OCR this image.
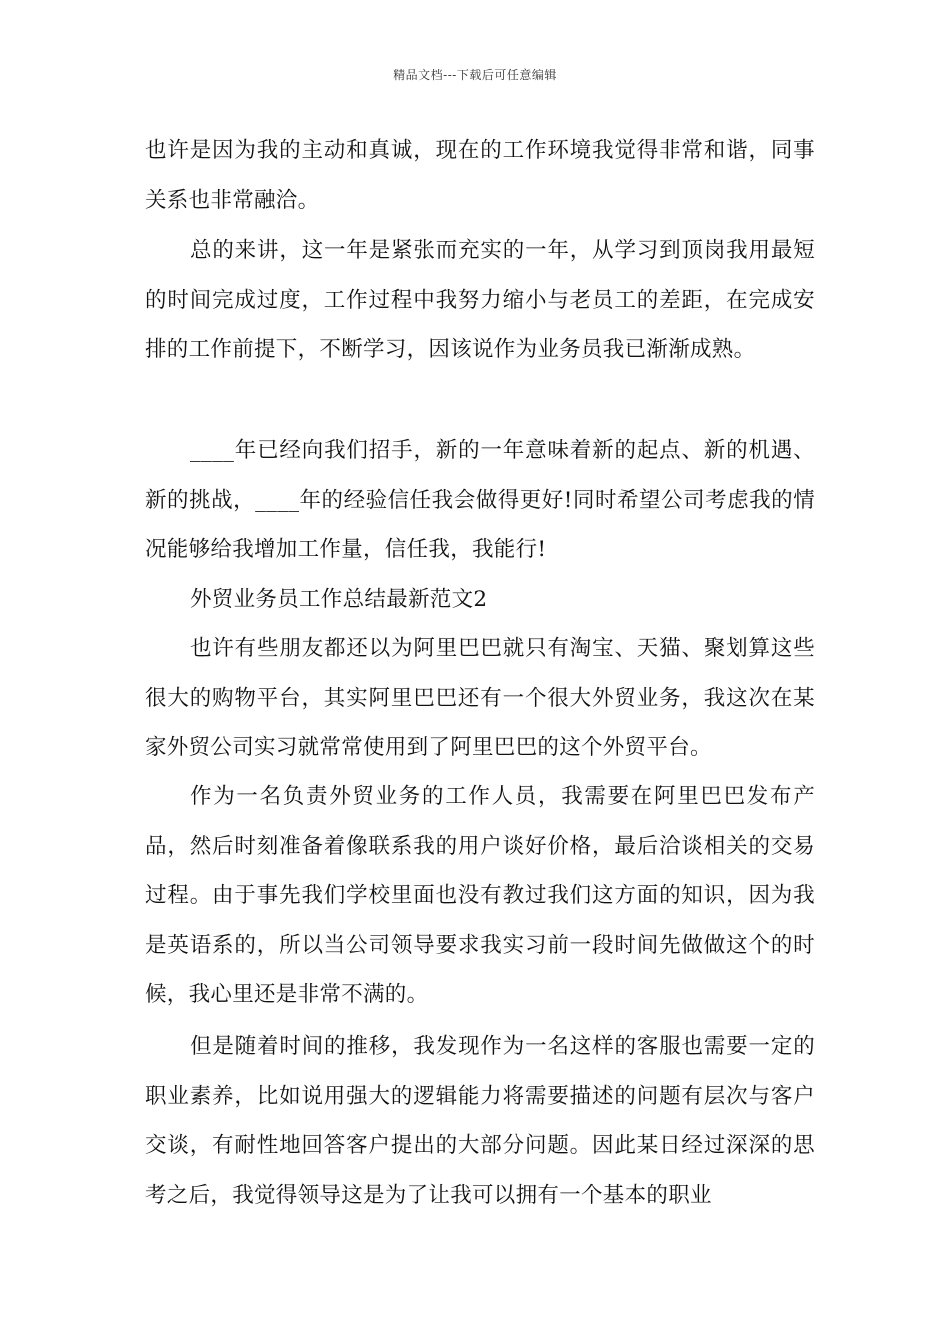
精品文档---下载后可任意编辑

也许是因为我的主动和真诚，现在的工作环境我觉得非常和谐，同事关系也非常融洽。

总的来讲，这一年是紧张而充实的一年，从学习到顶岗我用最短的时间完成过度，工作过程中我努力缩小与老员工的差距，在完成安排的工作前提下，不断学习，因该说作为业务员我已渐渐成熟。

____年已经向我们招手，新的一年意味着新的起点、新的机遇、新的挑战，____年的经验信任我会做得更好!同时希望公司考虑我的情况能够给我增加工作量，信任我，我能行!

外贸业务员工作总结最新范文2

也许有些朋友都还以为阿里巴巴就只有淘宝、天猫、聚划算这些很大的购物平台，其实阿里巴巴还有一个很大外贸业务，我这次在某家外贸公司实习就常常使用到了阿里巴巴的这个外贸平台。

作为一名负责外贸业务的工作人员，我需要在阿里巴巴发布产品，然后时刻准备着像联系我的用户谈好价格，最后洽谈相关的交易过程。由于事先我们学校里面也没有教过我们这方面的知识，因为我是英语系的，所以当公司领导要求我实习前一段时间先做做这个的时候，我心里还是非常不满的。

但是随着时间的推移，我发现作为一名这样的客服也需要一定的职业素养，比如说用强大的逻辑能力将需要描述的问题有层次与客户交谈，有耐性地回答客户提出的大部分问题。因此某日经过深深的思考之后，我觉得领导这是为了让我可以拥有一个基本的职业
